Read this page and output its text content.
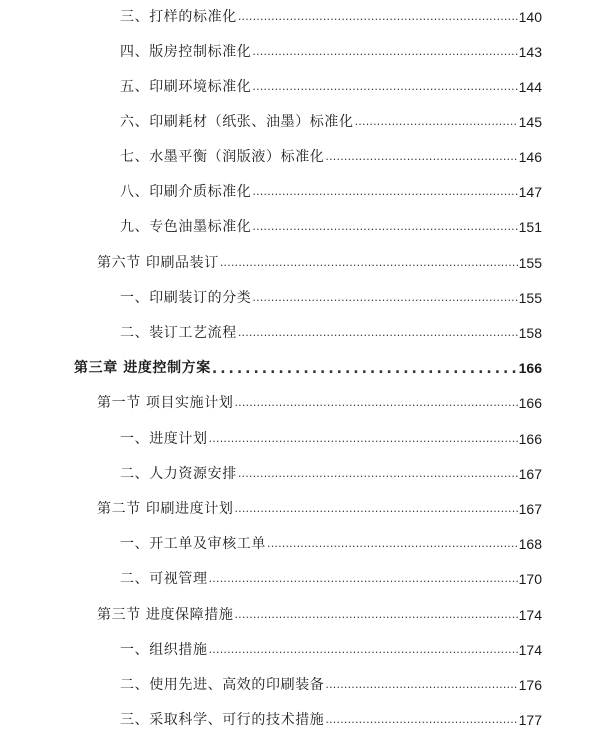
三、打样的标准化 .....	140
四、版房控制标准化 .....	143
五、印刷环境标准化 .....	144
六、印刷耗材（纸张、油墨）标准化 .....	145
七、水墨平衡（润版液）标准化 .....	146
八、印刷介质标准化 .....	147
九、专色油墨标准化 .....	151
第六节 印刷品装订 .....	155
一、印刷装订的分类 .....	155
二、装订工艺流程 .....	158
第三章 进度控制方案 .....	166
第一节 项目实施计划 .....	166
一、进度计划 .....	166
二、人力资源安排 .....	167
第二节 印刷进度计划 .....	167
一、开工单及审核工单 .....	168
二、可视管理 .....	170
第三节 进度保障措施 .....	174
一、组织措施 .....	174
二、使用先进、高效的印刷装备 .....	176
三、采取科学、可行的技术措施 .....	177
